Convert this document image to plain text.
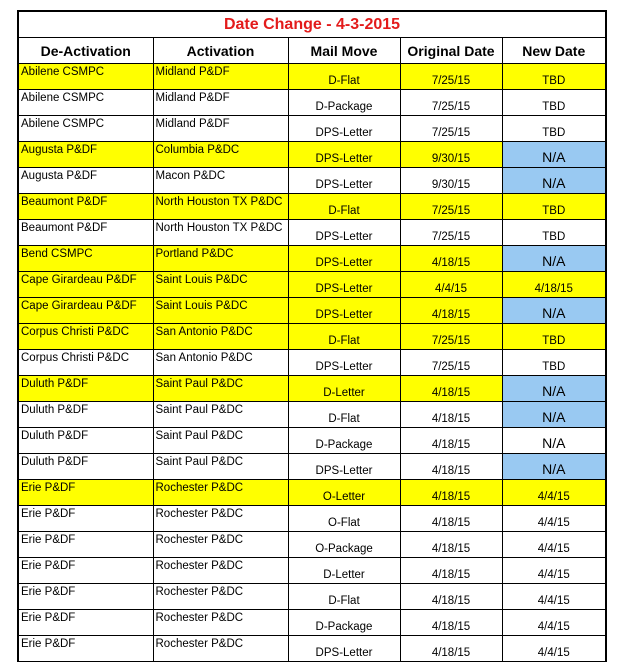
Date Change - 4-3-2015				
De-Activation	Activation	Mail Move	Original Date	New Date
Abilene CSMPC	Midland P&DF	D-Flat	7/25/15	TBD
Abilene CSMPC	Midland P&DF	D-Package	7/25/15	TBD
Abilene CSMPC	Midland P&DF	DPS-Letter	7/25/15	TBD
Augusta P&DF	Columbia P&DC	DPS-Letter	9/30/15	N/A
Augusta P&DF	Macon P&DC	DPS-Letter	9/30/15	N/A
Beaumont P&DF	North Houston TX P&DC	D-Flat	7/25/15	TBD
Beaumont P&DF	North Houston TX P&DC	DPS-Letter	7/25/15	TBD
Bend CSMPC	Portland P&DC	DPS-Letter	4/18/15	N/A
Cape Girardeau P&DF	Saint Louis P&DC	DPS-Letter	4/4/15	4/18/15
Cape Girardeau P&DF	Saint Louis P&DC	DPS-Letter	4/18/15	N/A
Corpus Christi P&DC	San Antonio P&DC	D-Flat	7/25/15	TBD
Corpus Christi P&DC	San Antonio P&DC	DPS-Letter	7/25/15	TBD
Duluth P&DF	Saint Paul P&DC	D-Letter	4/18/15	N/A
Duluth P&DF	Saint Paul P&DC	D-Flat	4/18/15	N/A
Duluth P&DF	Saint Paul P&DC	D-Package	4/18/15	N/A
Duluth P&DF	Saint Paul P&DC	DPS-Letter	4/18/15	N/A
Erie P&DF	Rochester P&DC	O-Letter	4/18/15	4/4/15
Erie P&DF	Rochester P&DC	O-Flat	4/18/15	4/4/15
Erie P&DF	Rochester P&DC	O-Package	4/18/15	4/4/15
Erie P&DF	Rochester P&DC	D-Letter	4/18/15	4/4/15
Erie P&DF	Rochester P&DC	D-Flat	4/18/15	4/4/15
Erie P&DF	Rochester P&DC	D-Package	4/18/15	4/4/15
Erie P&DF	Rochester P&DC	DPS-Letter	4/18/15	4/4/15
